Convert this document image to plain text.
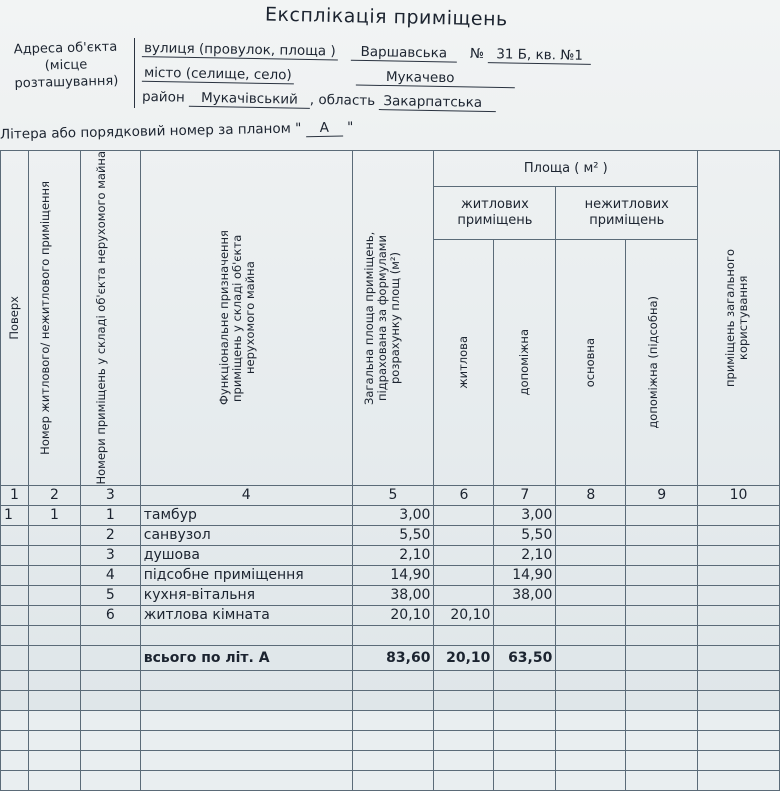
Експлікація приміщень
Адреса об'єкта (місце розташування)
вулиця (провулок, площа ) Варшавська № 31 Б, кв. №1
місто (селище, село)	Мукачево
район Мукачівський , область Закарпатська
Літера або порядковий номер за планом " А "
Поверх	Номер житлового/ нежитлового приміщення	Номери приміщень у складі об'єкта нерухомого майна	Функціональне призначення приміщень у складі об'єкта нерухомого майна	Загальна площа приміщень, підрахована за формулами розрахунку площ (м²)	Площа ( м² )				приміщень загального користування

					житлових приміщень		нежитлових приміщень		

					житлова	допоміжна	основна	допоміжна (підсобна)	

1	2	3	4	5	6	7	8	9	10
1	1	1	тамбур	3,00		3,00			
		2	санвузол	5,50		5,50			
		3	душова	2,10		2,10			
		4	підсобне приміщення	14,90		14,90			
		5	кухня-вітальня	38,00		38,00			
		6	житлова кімната	20,10	20,10				

			всього по літ. А	83,60	20,10	63,50			
